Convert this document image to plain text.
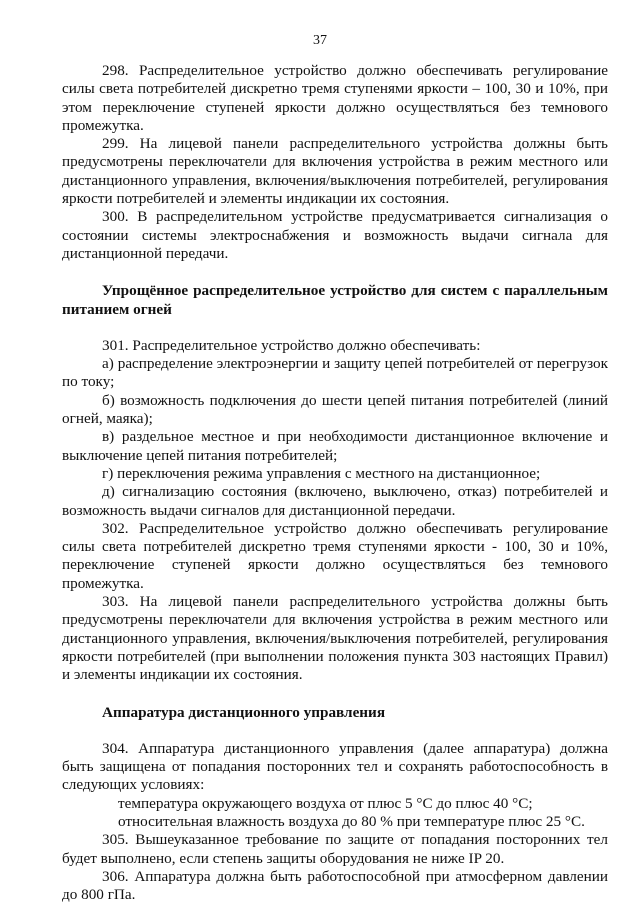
37

298. Распределительное устройство должно обеспечивать регулирование силы света потребителей дискретно тремя ступенями яркости – 100, 30 и 10%, при этом переключение ступеней яркости должно осуществляться без темнового промежутка.

299. На лицевой панели распределительного устройства должны быть предусмотрены переключатели для включения устройства в режим местного или дистанционного управления, включения/выключения потребителей, регулирования яркости потребителей и элементы индикации их состояния.

300. В распределительном устройстве предусматривается сигнализация о состоянии системы электроснабжения и возможность выдачи сигнала для дистанционной передачи.

Упрощённое распределительное устройство для систем с параллельным питанием огней

301. Распределительное устройство должно обеспечивать:

а) распределение электроэнергии и защиту цепей потребителей от перегрузок по току;

б) возможность подключения до шести цепей питания потребителей (линий огней, маяка);

в) раздельное местное и при необходимости дистанционное включение и выключение цепей питания потребителей;

г) переключения режима управления с местного на дистанционное;

д) сигнализацию состояния (включено, выключено, отказ) потребителей и возможность выдачи сигналов для дистанционной передачи.

302. Распределительное устройство должно обеспечивать регулирование силы света потребителей дискретно тремя ступенями яркости - 100, 30 и 10%, переключение ступеней яркости должно осуществляться без темнового промежутка.

303. На лицевой панели распределительного устройства должны быть предусмотрены переключатели для включения устройства в режим местного или дистанционного управления, включения/выключения потребителей, регулирования яркости потребителей (при выполнении положения пункта 303 настоящих Правил) и элементы индикации их состояния.

Аппаратура дистанционного управления

304. Аппаратура дистанционного управления (далее аппаратура) должна быть защищена от попадания посторонних тел и сохранять работоспособность в следующих условиях:

температура окружающего воздуха от плюс 5 °C до плюс 40 °C;

относительная влажность воздуха до 80 % при температуре плюс 25 °C.

305. Вышеуказанное требование по защите от попадания посторонних тел будет выполнено, если степень защиты оборудования не ниже IP 20.

306. Аппаратура должна быть работоспособной при атмосферном давлении до 800 гПа.
